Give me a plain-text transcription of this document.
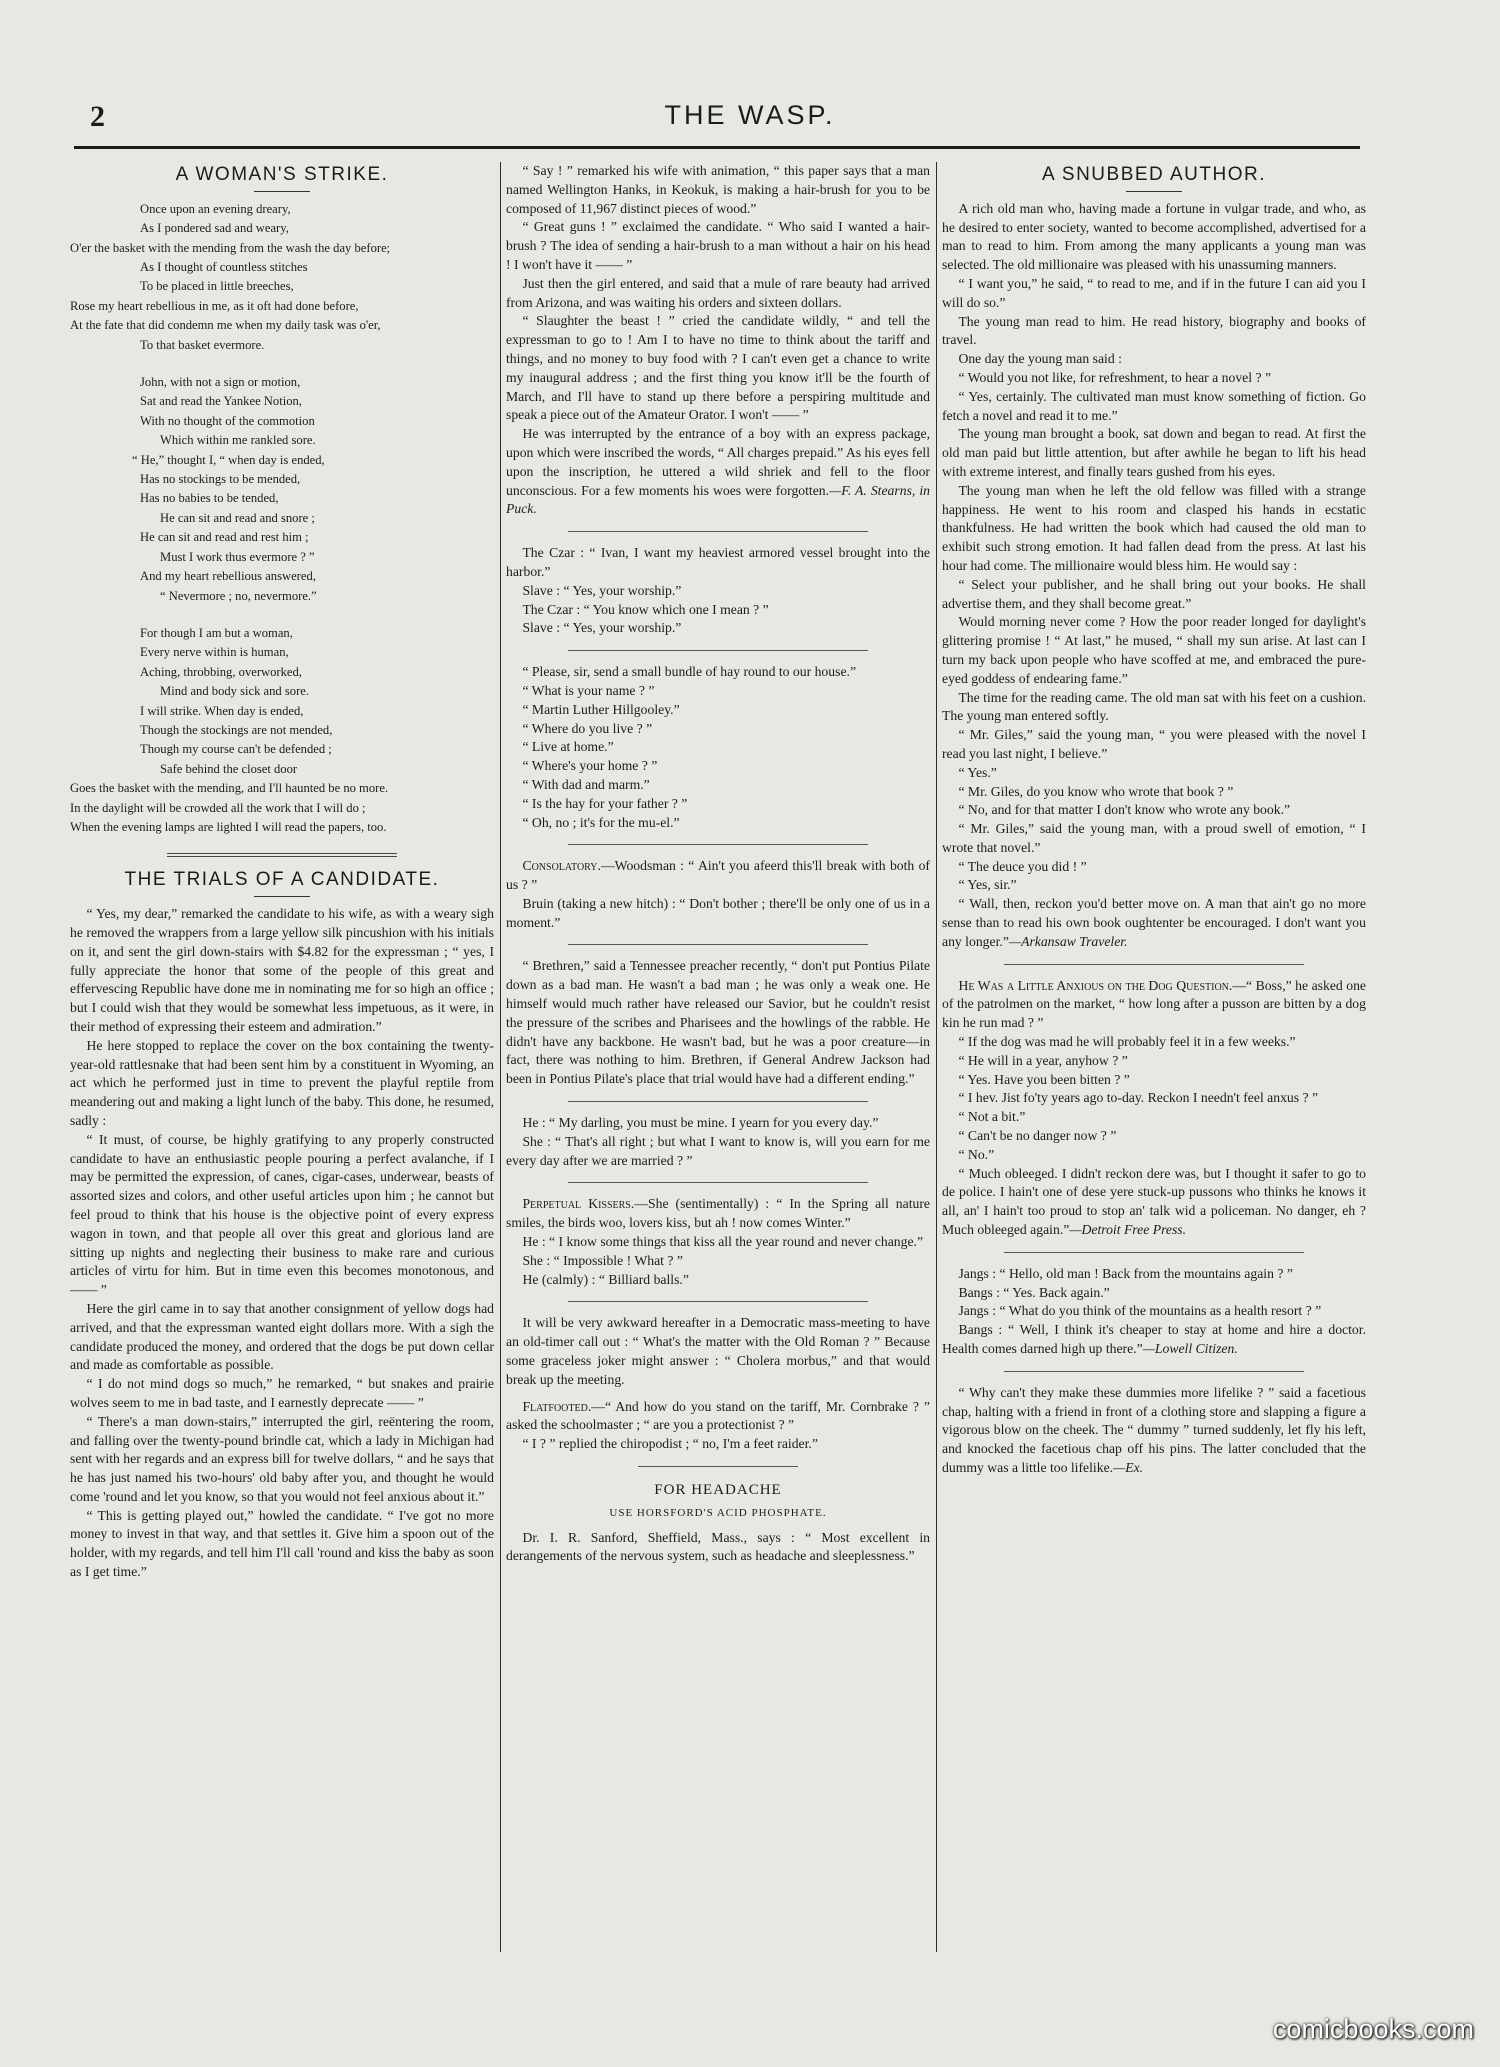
2	THE WASP.
A WOMAN'S STRIKE.

Once upon an evening dreary,

As I pondered sad and weary,

O'er the basket with the mending from the wash the day before;

As I thought of countless stitches

To be placed in little breeches,

Rose my heart rebellious in me, as it oft had done before,

At the fate that did condemn me when my daily task was o'er,

To that basket evermore.

John, with not a sign or motion,

Sat and read the Yankee Notion,

With no thought of the commotion

Which within me rankled sore.

“ He,” thought I, “ when day is ended,

Has no stockings to be mended,

Has no babies to be tended,

He can sit and read and snore ;

He can sit and read and rest him ;

Must I work thus evermore ? ”

And my heart rebellious answered,

“ Nevermore ; no, nevermore.”

For though I am but a woman,

Every nerve within is human,

Aching, throbbing, overworked,

Mind and body sick and sore.

I will strike. When day is ended,

Though the stockings are not mended,

Though my course can't be defended ;

Safe behind the closet door

Goes the basket with the mending, and I'll haunted be no more.

In the daylight will be crowded all the work that I will do ;

When the evening lamps are lighted I will read the papers, too.

THE TRIALS OF A CANDIDATE.

“ Yes, my dear,” remarked the candidate to his wife, as with a weary sigh he removed the wrappers from a large yellow silk pincushion with his initials on it, and sent the girl down-stairs with $4.82 for the expressman ; “ yes, I fully appreciate the honor that some of the people of this great and effervescing Republic have done me in nominating me for so high an office ; but I could wish that they would be somewhat less impetuous, as it were, in their method of expressing their esteem and admiration.”

He here stopped to replace the cover on the box containing the twenty-year-old rattlesnake that had been sent him by a constituent in Wyoming, an act which he performed just in time to prevent the playful reptile from meandering out and making a light lunch of the baby. This done, he resumed, sadly :

“ It must, of course, be highly gratifying to any properly constructed candidate to have an enthusiastic people pouring a perfect avalanche, if I may be permitted the expression, of canes, cigar-cases, underwear, beasts of assorted sizes and colors, and other useful articles upon him ; he cannot but feel proud to think that his house is the objective point of every express wagon in town, and that people all over this great and glorious land are sitting up nights and neglecting their business to make rare and curious articles of virtu for him. But in time even this becomes monotonous, and —— ”

Here the girl came in to say that another consignment of yellow dogs had arrived, and that the expressman wanted eight dollars more. With a sigh the candidate produced the money, and ordered that the dogs be put down cellar and made as comfortable as possible.

“ I do not mind dogs so much,” he remarked, “ but snakes and prairie wolves seem to me in bad taste, and I earnestly deprecate —— ”

“ There's a man down-stairs,” interrupted the girl, reëntering the room, and falling over the twenty-pound brindle cat, which a lady in Michigan had sent with her regards and an express bill for twelve dollars, “ and he says that he has just named his two-hours' old baby after you, and thought he would come 'round and let you know, so that you would not feel anxious about it.”

“ This is getting played out,” howled the candidate. “ I've got no more money to invest in that way, and that settles it. Give him a spoon out of the holder, with my regards, and tell him I'll call 'round and kiss the baby as soon as I get time.”

“ Say ! ” remarked his wife with animation, “ this paper says that a man named Wellington Hanks, in Keokuk, is making a hair-brush for you to be composed of 11,967 distinct pieces of wood.”

“ Great guns ! ” exclaimed the candidate. “ Who said I wanted a hair-brush ? The idea of sending a hair-brush to a man without a hair on his head ! I won't have it —— ”

Just then the girl entered, and said that a mule of rare beauty had arrived from Arizona, and was waiting his orders and sixteen dollars.

“ Slaughter the beast ! ” cried the candidate wildly, “ and tell the expressman to go to ! Am I to have no time to think about the tariff and things, and no money to buy food with ? I can't even get a chance to write my inaugural address ; and the first thing you know it'll be the fourth of March, and I'll have to stand up there before a perspiring multitude and speak a piece out of the Amateur Orator. I won't —— ”

He was interrupted by the entrance of a boy with an express package, upon which were inscribed the words, “ All charges prepaid.” As his eyes fell upon the inscription, he uttered a wild shriek and fell to the floor unconscious. For a few moments his woes were forgotten.—F. A. Stearns, in Puck.

The Czar : “ Ivan, I want my heaviest armored vessel brought into the harbor.”

Slave : “ Yes, your worship.”

The Czar : “ You know which one I mean ? ”

Slave : “ Yes, your worship.”

“ Please, sir, send a small bundle of hay round to our house.”

“ What is your name ? ”

“ Martin Luther Hillgooley.”

“ Where do you live ? ”

“ Live at home.”

“ Where's your home ? ”

“ With dad and marm.”

“ Is the hay for your father ? ”

“ Oh, no ; it's for the mu-el.”

Consolatory.—Woodsman : “ Ain't you afeerd this'll break with both of us ? ”

Bruin (taking a new hitch) : “ Don't bother ; there'll be only one of us in a moment.”

“ Brethren,” said a Tennessee preacher recently, “ don't put Pontius Pilate down as a bad man. He wasn't a bad man ; he was only a weak one. He himself would much rather have released our Savior, but he couldn't resist the pressure of the scribes and Pharisees and the howlings of the rabble. He didn't have any backbone. He wasn't bad, but he was a poor creature—in fact, there was nothing to him. Brethren, if General Andrew Jackson had been in Pontius Pilate's place that trial would have had a different ending.”

He : “ My darling, you must be mine. I yearn for you every day.”

She : “ That's all right ; but what I want to know is, will you earn for me every day after we are married ? ”

Perpetual Kissers.—She (sentimentally) : “ In the Spring all nature smiles, the birds woo, lovers kiss, but ah ! now comes Winter.”

He : “ I know some things that kiss all the year round and never change.”

She : “ Impossible ! What ? ”

He (calmly) : “ Billiard balls.”

It will be very awkward hereafter in a Democratic mass-meeting to have an old-timer call out : “ What's the matter with the Old Roman ? ” Because some graceless joker might answer : “ Cholera morbus,” and that would break up the meeting.

Flatfooted.—“ And how do you stand on the tariff, Mr. Cornbrake ? ” asked the schoolmaster ; “ are you a protectionist ? ”

“ I ? ” replied the chiropodist ; “ no, I'm a feet raider.”

FOR HEADACHE
USE HORSFORD'S ACID PHOSPHATE.

Dr. I. R. Sanford, Sheffield, Mass., says : “ Most excellent in derangements of the nervous system, such as headache and sleeplessness.”

A SNUBBED AUTHOR.

A rich old man who, having made a fortune in vulgar trade, and who, as he desired to enter society, wanted to become accomplished, advertised for a man to read to him. From among the many applicants a young man was selected. The old millionaire was pleased with his unassuming manners.

“ I want you,” he said, “ to read to me, and if in the future I can aid you I will do so.”

The young man read to him. He read history, biography and books of travel.

One day the young man said :

“ Would you not like, for refreshment, to hear a novel ? ”

“ Yes, certainly. The cultivated man must know something of fiction. Go fetch a novel and read it to me.”

The young man brought a book, sat down and began to read. At first the old man paid but little attention, but after awhile he began to lift his head with extreme interest, and finally tears gushed from his eyes.

The young man when he left the old fellow was filled with a strange happiness. He went to his room and clasped his hands in ecstatic thankfulness. He had written the book which had caused the old man to exhibit such strong emotion. It had fallen dead from the press. At last his hour had come. The millionaire would bless him. He would say :

“ Select your publisher, and he shall bring out your books. He shall advertise them, and they shall become great.”

Would morning never come ? How the poor reader longed for daylight's glittering promise ! “ At last,” he mused, “ shall my sun arise. At last can I turn my back upon people who have scoffed at me, and embraced the pure-eyed goddess of endearing fame.”

The time for the reading came. The old man sat with his feet on a cushion. The young man entered softly.

“ Mr. Giles,” said the young man, “ you were pleased with the novel I read you last night, I believe.”

“ Yes.”

“ Mr. Giles, do you know who wrote that book ? ”

“ No, and for that matter I don't know who wrote any book.”

“ Mr. Giles,” said the young man, with a proud swell of emotion, “ I wrote that novel.”

“ The deuce you did ! ”

“ Yes, sir.”

“ Wall, then, reckon you'd better move on. A man that ain't go no more sense than to read his own book oughtenter be encouraged. I don't want you any longer.”—Arkansaw Traveler.

He Was a Little Anxious on the Dog Question.—“ Boss,” he asked one of the patrolmen on the market, “ how long after a pusson are bitten by a dog kin he run mad ? ”

“ If the dog was mad he will probably feel it in a few weeks.”

“ He will in a year, anyhow ? ”

“ Yes. Have you been bitten ? ”

“ I hev. Jist fo'ty years ago to-day. Reckon I needn't feel anxus ? ”

“ Not a bit.”

“ Can't be no danger now ? ”

“ No.”

“ Much obleeged. I didn't reckon dere was, but I thought it safer to go to de police. I hain't one of dese yere stuck-up pussons who thinks he knows it all, an' I hain't too proud to stop an' talk wid a policeman. No danger, eh ? Much obleeged again.”—Detroit Free Press.

Jangs : “ Hello, old man ! Back from the mountains again ? ”

Bangs : “ Yes. Back again.”

Jangs : “ What do you think of the mountains as a health resort ? ”

Bangs : “ Well, I think it's cheaper to stay at home and hire a doctor. Health comes darned high up there.”—Lowell Citizen.

“ Why can't they make these dummies more lifelike ? ” said a facetious chap, halting with a friend in front of a clothing store and slapping a figure a vigorous blow on the cheek. The “ dummy ” turned suddenly, let fly his left, and knocked the facetious chap off his pins. The latter concluded that the dummy was a little too lifelike.—Ex.

comicbooks.com
